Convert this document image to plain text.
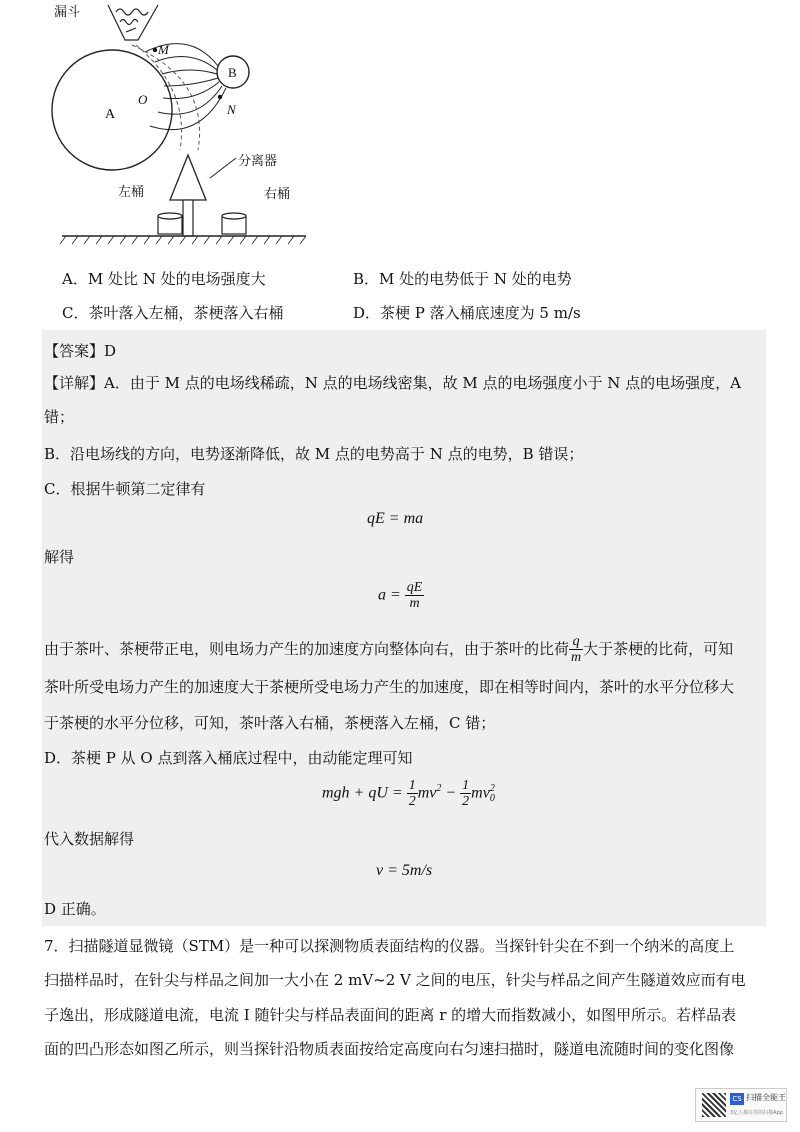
漏斗
A
B
M
O
N
分离器
左桶	右桶
A．M 处比 N 处的电场强度大	B．M 处的电势低于 N 处的电势
C．茶叶落入左桶，茶梗落入右桶	D．茶梗 P 落入桶底速度为 5 m/s
【答案】D
【详解】A．由于 M 点的电场线稀疏，N 点的电场线密集，故 M 点的电场强度小于 N 点的电场强度，A
错；
B．沿电场线的方向，电势逐渐降低，故 M 点的电势高于 N 点的电势，B 错误；
C．根据牛顿第二定律有
qE = ma
解得
$a = \frac{qE}{m}$
由于茶叶、茶梗带正电，则电场力产生的加速度方向整体向右，由于茶叶的比荷 $\frac{q}{m}$ 大于茶梗的比荷，可知
茶叶所受电场力产生的加速度大于茶梗所受电场力产生的加速度，即在相等时间内，茶叶的水平分位移大
于茶梗的水平分位移，可知，茶叶落入右桶，茶梗落入左桶，C 错；
D．茶梗 P 从 O 点到落入桶底过程中，由动能定理可知
mgh + qU = $\frac{1}{2} mv^2 - \frac{1}{2}$ mv 2
0
代入数据解得
v = 5m/s
D 正确。
7．扫描隧道显微镜（STM）是一种可以探测物质表面结构的仪器。当探针针尖在不到一个纳米的高度上
扫描样品时，在针尖与样品之间加一大小在 2 mV~2 V 之间的电压，针尖与样品之间产生隧道效应而有电
子逸出，形成隧道电流，电流 I 随针尖与样品表面间的距离 r 的增大而指数减小，如图甲所示。若样品表
面的凹凸形态如图乙所示，则当探针沿物质表面按给定高度向右匀速扫描时，隧道电流随时间的变化图像
CS 扫描全能王
3亿人都在用的扫描App
